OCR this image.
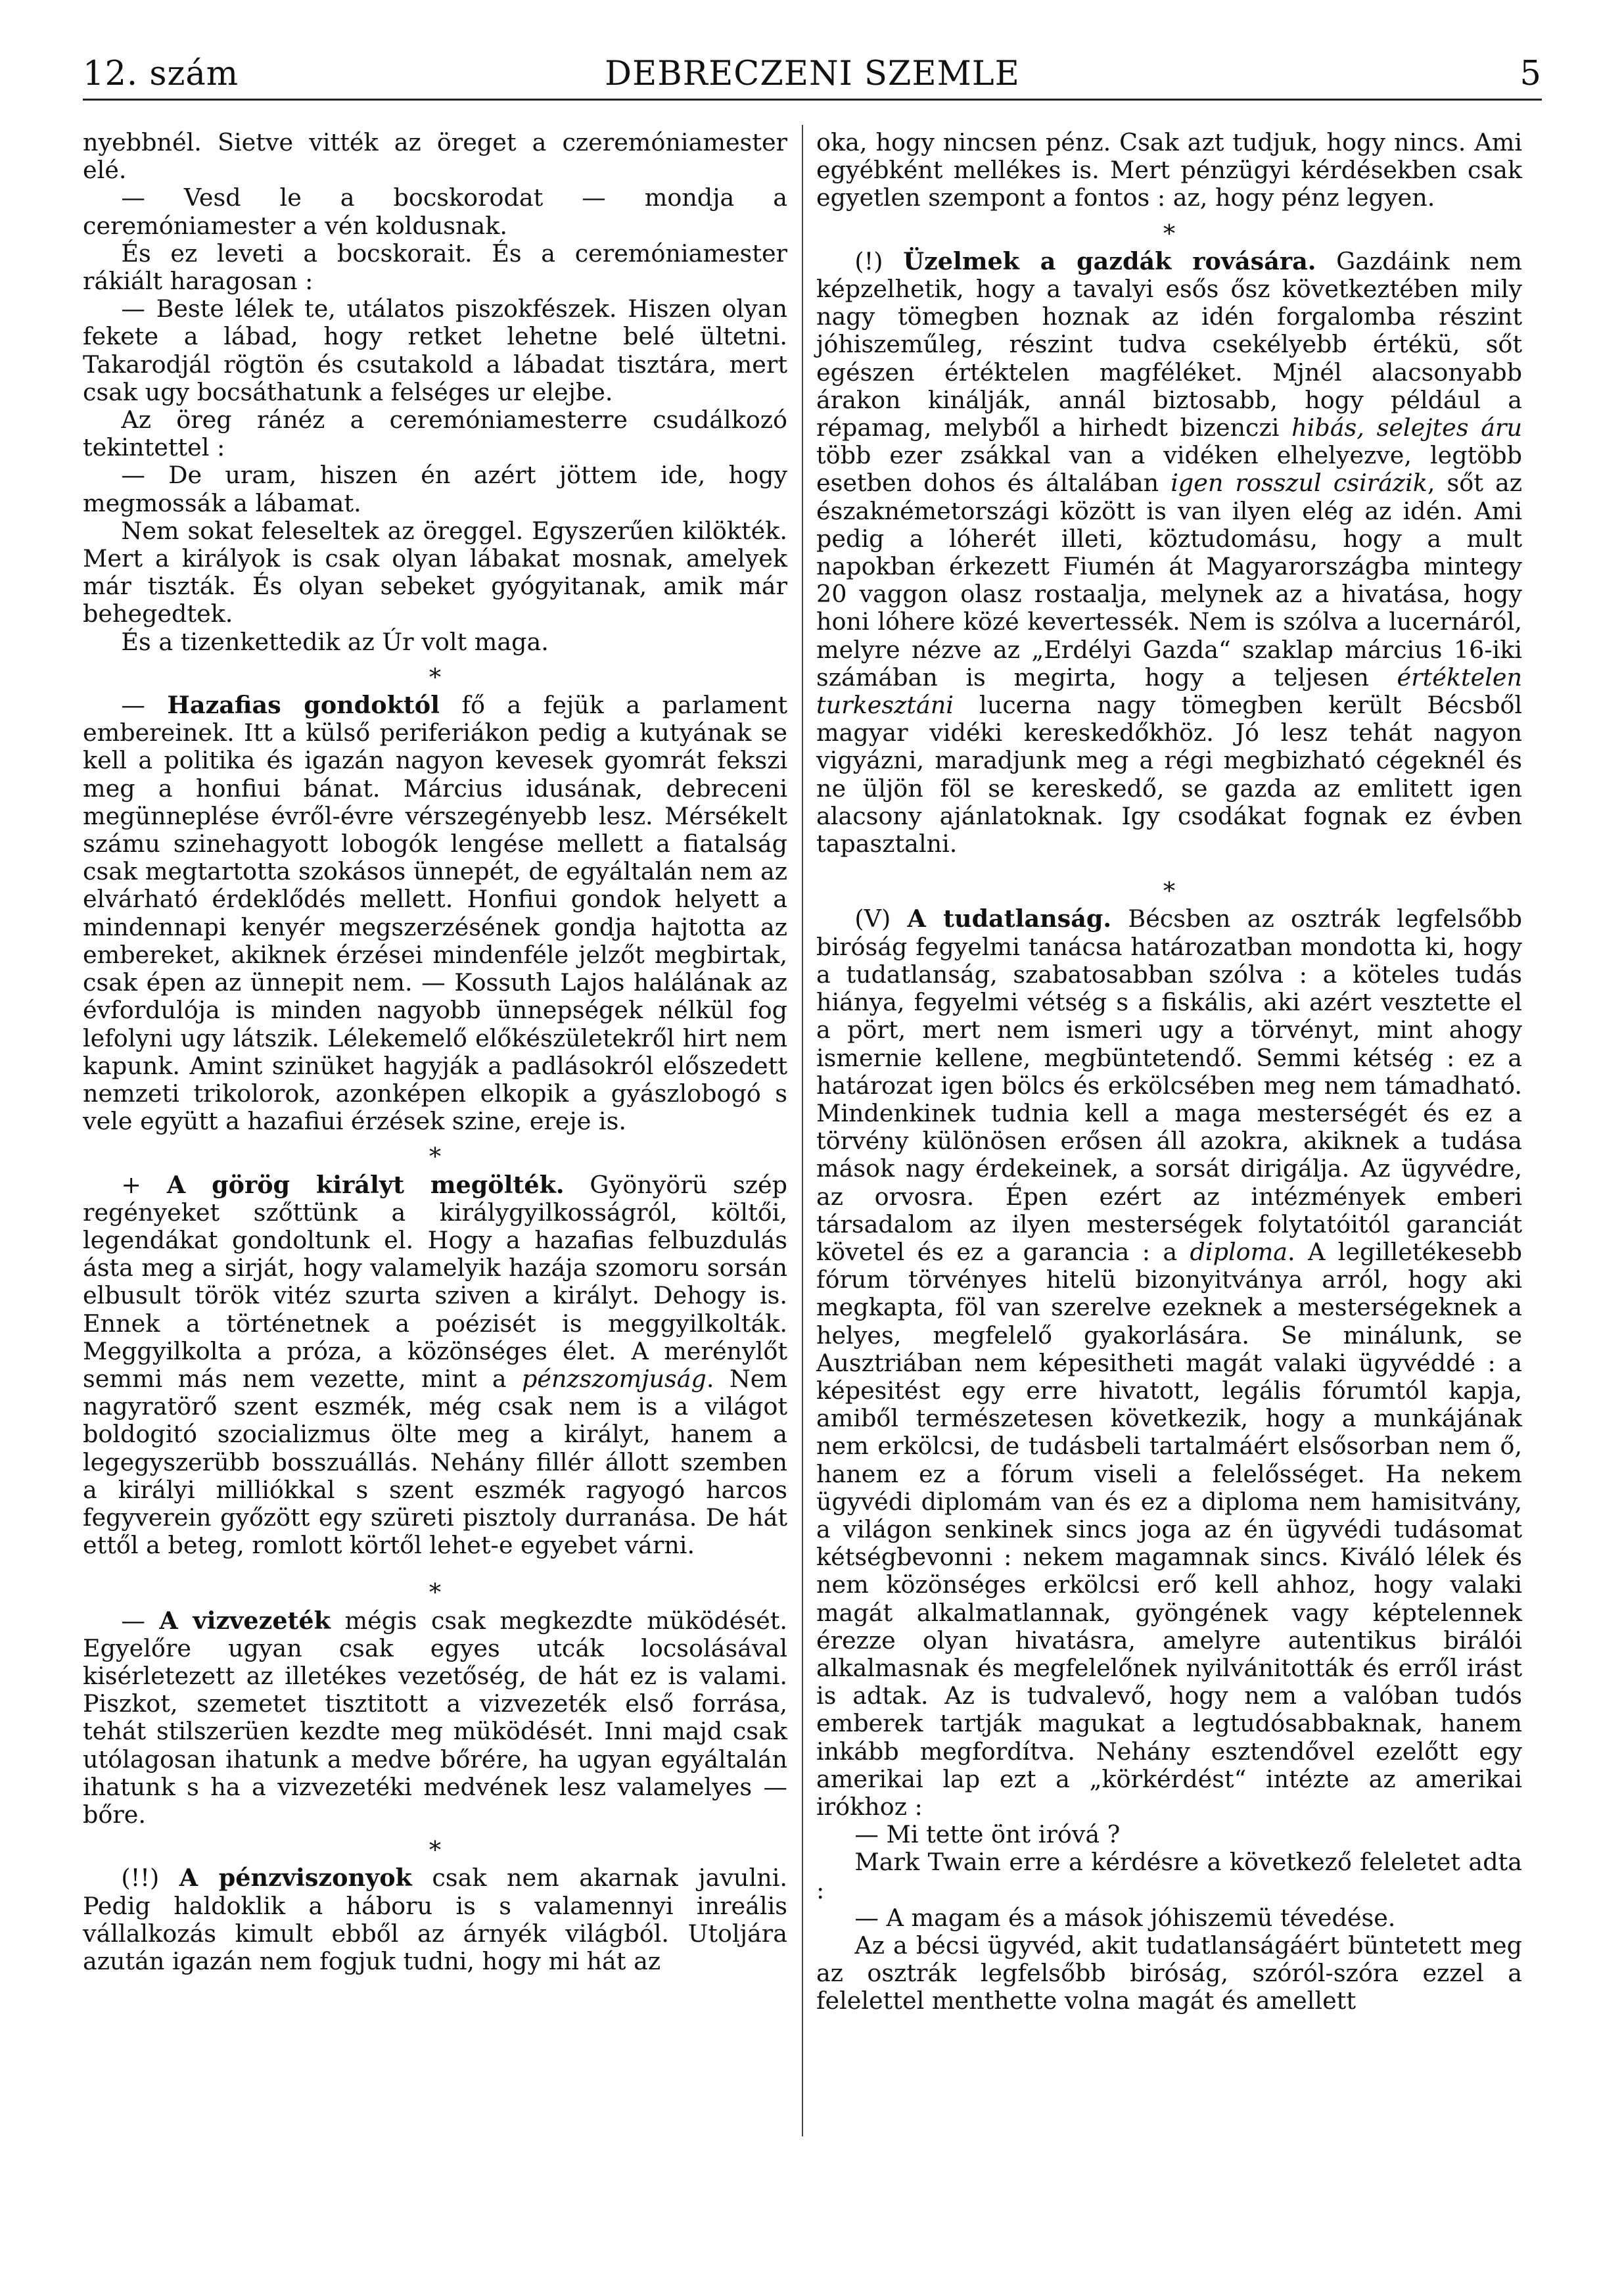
12. szám	DEBRECZENI SZEMLE	5

nyebbnél. Sietve vitték az öreget a czeremóniamester elé.

— Vesd le a bocskorodat — mondja a ceremóniamester a vén koldusnak.

És ez leveti a bocskorait. És a ceremóniamester rákiált haragosan :

— Beste lélek te, utálatos piszokfészek. Hiszen olyan fekete a lábad, hogy retket lehetne belé ültetni. Takarodjál rögtön és csutakold a lábadat tisztára, mert csak ugy bocsáthatunk a felséges ur elejbe.

Az öreg ránéz a ceremóniamesterre csudálkozó tekintettel :

— De uram, hiszen én azért jöttem ide, hogy megmossák a lábamat.

Nem sokat feleseltek az öreggel. Egyszerűen kilökték. Mert a királyok is csak olyan lábakat mosnak, amelyek már tiszták. És olyan sebeket gyógyitanak, amik már behegedtek.

És a tizenkettedik az Úr volt maga.

*

— Hazafias gondoktól fő a fejük a parlament embereinek. Itt a külső periferiákon pedig a kutyának se kell a politika és igazán nagyon kevesek gyomrát fekszi meg a honfiui bánat. Március idusának, debreceni megünneplése évről-évre vérszegényebb lesz. Mérsékelt számu szinehagyott lobogók lengése mellett a fiatalság csak megtartotta szokásos ünnepét, de egyáltalán nem az elvárható érdeklődés mellett. Honfiui gondok helyett a mindennapi kenyér megszerzésének gondja hajtotta az embereket, akiknek érzései mindenféle jelzőt megbirtak, csak épen az ünnepit nem. — Kossuth Lajos halálának az évfordulója is minden nagyobb ünnepségek nélkül fog lefolyni ugy látszik. Lélekemelő előkészületekről hirt nem kapunk. Amint szinüket hagyják a padlásokról előszedett nemzeti trikolorok, azonképen elkopik a gyászlobogó s vele együtt a hazafiui érzések szine, ereje is.

*

+ A görög királyt megölték. Gyönyörü szép regényeket szőttünk a királygyilkosságról, költői, legendákat gondoltunk el. Hogy a hazafias felbuzdulás ásta meg a sirját, hogy valamelyik hazája szomoru sorsán elbusult török vitéz szurta sziven a királyt. Dehogy is. Ennek a történetnek a poézisét is meggyilkolták. Meggyilkolta a próza, a közönséges élet. A merénylőt semmi más nem vezette, mint a pénzszomjuság. Nem nagyratörő szent eszmék, még csak nem is a világot boldogitó szocializmus ölte meg a királyt, hanem a legegyszerübb bosszuállás. Nehány fillér állott szemben a királyi milliókkal s szent eszmék ragyogó harcos fegyverein győzött egy szüreti pisztoly durranása. De hát ettől a beteg, romlott körtől lehet-e egyebet várni.

*

— A vizvezeték mégis csak megkezdte müködését. Egyelőre ugyan csak egyes utcák locsolásával kisérletezett az illetékes vezetőség, de hát ez is valami. Piszkot, szemetet tisztitott a vizvezeték első forrása, tehát stilszerüen kezdte meg müködését. Inni majd csak utólagosan ihatunk a medve bőrére, ha ugyan egyáltalán ihatunk s ha a vizvezetéki medvének lesz valamelyes — bőre.

*

(!!) A pénzviszonyok csak nem akarnak javulni. Pedig haldoklik a háboru is s valamennyi inreális vállalkozás kimult ebből az árnyék világból. Utoljára azután igazán nem fogjuk tudni, hogy mi hát az

oka, hogy nincsen pénz. Csak azt tudjuk, hogy nincs. Ami egyébként mellékes is. Mert pénzügyi kérdésekben csak egyetlen szempont a fontos : az, hogy pénz legyen.

*

(!) Üzelmek a gazdák rovására. Gazdáink nem képzelhetik, hogy a tavalyi esős ősz következtében mily nagy tömegben hoznak az idén forgalomba részint jóhiszeműleg, részint tudva csekélyebb értékü, sőt egészen értéktelen magféléket. Mjnél alacsonyabb árakon kinálják, annál biztosabb, hogy például a répamag, melyből a hirhedt bizenczi hibás, selejtes áru több ezer zsákkal van a vidéken elhelyezve, legtöbb esetben dohos és általában igen rosszul csirázik, sőt az északnémetországi között is van ilyen elég az idén. Ami pedig a lóherét illeti, köztudomásu, hogy a mult napokban érkezett Fiumén át Magyarországba mintegy 20 vaggon olasz rostaalja, melynek az a hivatása, hogy honi lóhere közé kevertessék. Nem is szólva a lucernáról, melyre nézve az „Erdélyi Gazda“ szaklap március 16-iki számában is megirta, hogy a teljesen értéktelen turkesztáni lucerna nagy tömegben került Bécsből magyar vidéki kereskedőkhöz. Jó lesz tehát nagyon vigyázni, maradjunk meg a régi megbizható cégeknél és ne üljön föl se kereskedő, se gazda az emlitett igen alacsony ajánlatoknak. Igy csodákat fognak ez évben tapasztalni.

*

(V) A tudatlanság. Bécsben az osztrák legfelsőbb biróság fegyelmi tanácsa határozatban mondotta ki, hogy a tudatlanság, szabatosabban szólva : a köteles tudás hiánya, fegyelmi vétség s a fiskális, aki azért vesztette el a pört, mert nem ismeri ugy a törvényt, mint ahogy ismernie kellene, megbüntetendő. Semmi kétség : ez a határozat igen bölcs és erkölcsében meg nem támadható. Mindenkinek tudnia kell a maga mesterségét és ez a törvény különösen erősen áll azokra, akiknek a tudása mások nagy érdekeinek, a sorsát dirigálja. Az ügyvédre, az orvosra. Épen ezért az intézmények emberi társadalom az ilyen mesterségek folytatóitól garanciát követel és ez a garancia : a diploma. A legilletékesebb fórum törvényes hitelü bizonyitványa arról, hogy aki megkapta, föl van szerelve ezeknek a mesterségeknek a helyes, megfelelő gyakorlására. Se minálunk, se Ausztriában nem képesitheti magát valaki ügyvéddé : a képesitést egy erre hivatott, legális fórumtól kapja, amiből természetesen következik, hogy a munkájának nem erkölcsi, de tudásbeli tartalmáért elsősorban nem ő, hanem ez a fórum viseli a felelősséget. Ha nekem ügyvédi diplomám van és ez a diploma nem hamisitvány, a világon senkinek sincs joga az én ügyvédi tudásomat kétségbevonni : nekem magamnak sincs. Kiváló lélek és nem közönséges erkölcsi erő kell ahhoz, hogy valaki magát alkalmatlannak, gyöngének vagy képtelennek érezze olyan hivatásra, amelyre autentikus birálói alkalmasnak és megfelelőnek nyilvánitották és erről irást is adtak. Az is tudvalevő, hogy nem a valóban tudós emberek tartják magukat a legtudósabbaknak, hanem inkább megfordítva. Nehány esztendővel ezelőtt egy amerikai lap ezt a „körkérdést“ intézte az amerikai irókhoz :

— Mi tette önt iróvá ?

Mark Twain erre a kérdésre a következő feleletet adta :

— A magam és a mások jóhiszemü tévedése.

Az a bécsi ügyvéd, akit tudatlanságáért büntetett meg az osztrák legfelsőbb biróság, szóról-szóra ezzel a felelettel menthette volna magát és amellett
